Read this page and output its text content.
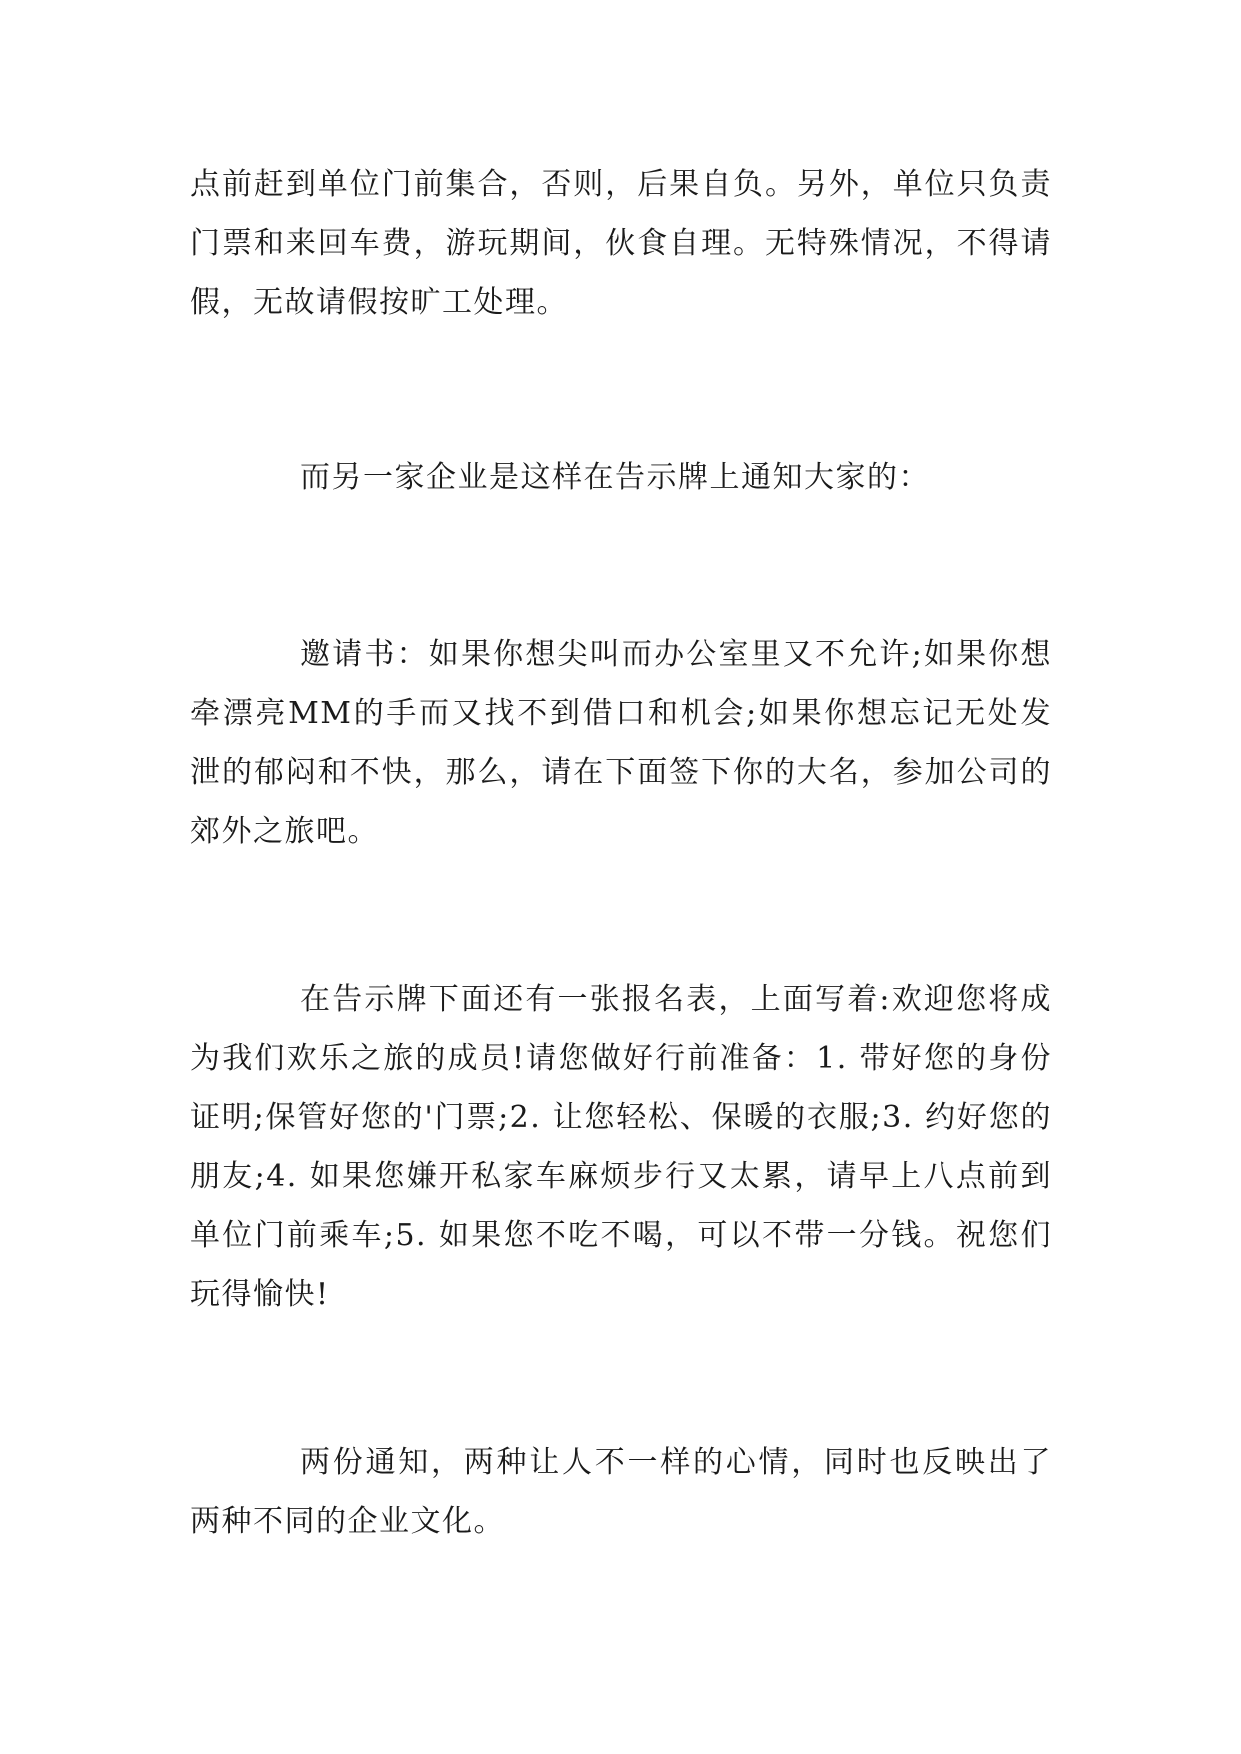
点前赶到单位门前集合，否则，后果自负。另外，单位只负责门票和来回车费，游玩期间，伙食自理。无特殊情况，不得请假，无故请假按旷工处理。

而另一家企业是这样在告示牌上通知大家的：

邀请书：如果你想尖叫而办公室里又不允许;如果你想牵漂亮MM的手而又找不到借口和机会;如果你想忘记无处发泄的郁闷和不快，那么，请在下面签下你的大名，参加公司的郊外之旅吧。

在告示牌下面还有一张报名表，上面写着:欢迎您将成为我们欢乐之旅的成员!请您做好行前准备：1. 带好您的身份证明;保管好您的'门票;2. 让您轻松、保暖的衣服;3. 约好您的朋友;4. 如果您嫌开私家车麻烦步行又太累，请早上八点前到单位门前乘车;5. 如果您不吃不喝，可以不带一分钱。祝您们玩得愉快!

两份通知，两种让人不一样的心情，同时也反映出了两种不同的企业文化。
